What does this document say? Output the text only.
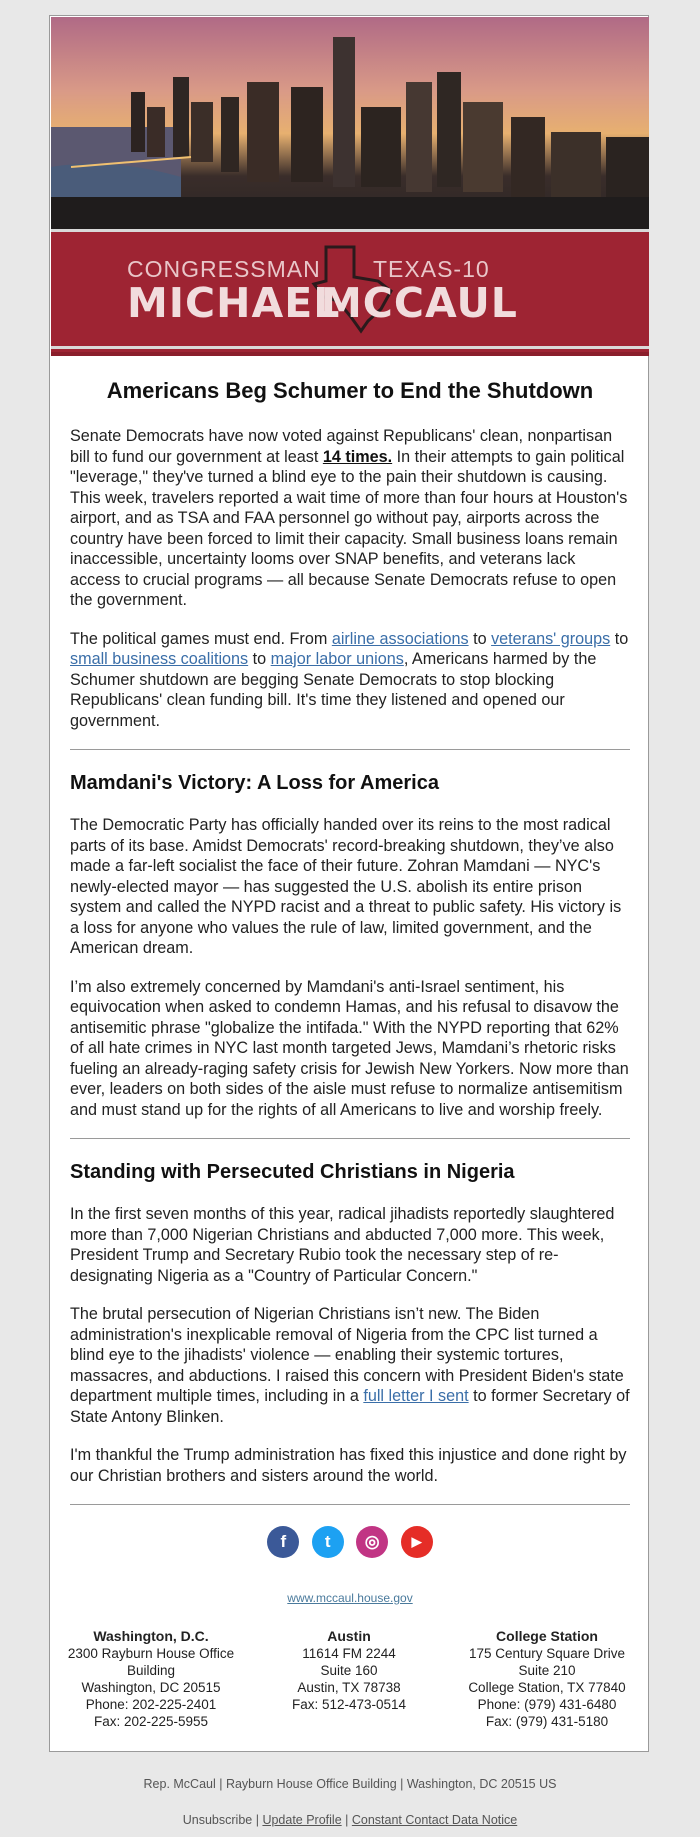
CONGRESSMAN TEXAS-10
MICHAEL
MCCAUL
Americans Beg Schumer to End the Shutdown

Senate Democrats have now voted against Republicans' clean, nonpartisan bill to fund our government at least 14 times. In their attempts to gain political "leverage," they've turned a blind eye to the pain their shutdown is causing. This week, travelers reported a wait time of more than four hours at Houston's airport, and as TSA and FAA personnel go without pay, airports across the country have been forced to limit their capacity. Small business loans remain inaccessible, uncertainty looms over SNAP benefits, and veterans lack access to crucial programs — all because Senate Democrats refuse to open the government.

The political games must end. From airline associations to veterans' groups to small business coalitions to major labor unions, Americans harmed by the Schumer shutdown are begging Senate Democrats to stop blocking Republicans' clean funding bill. It's time they listened and opened our government.

Mamdani's Victory: A Loss for America

The Democratic Party has officially handed over its reins to the most radical parts of its base. Amidst Democrats' record-breaking shutdown, they’ve also made a far-left socialist the face of their future. Zohran Mamdani — NYC's newly-elected mayor — has suggested the U.S. abolish its entire prison system and called the NYPD racist and a threat to public safety. His victory is a loss for anyone who values the rule of law, limited government, and the American dream.

I’m also extremely concerned by Mamdani's anti-Israel sentiment, his equivocation when asked to condemn Hamas, and his refusal to disavow the antisemitic phrase "globalize the intifada." With the NYPD reporting that 62% of all hate crimes in NYC last month targeted Jews, Mamdani’s rhetoric risks fueling an already-raging safety crisis for Jewish New Yorkers. Now more than ever, leaders on both sides of the aisle must refuse to normalize antisemitism and must stand up for the rights of all Americans to live and worship freely.

Standing with Persecuted Christians in Nigeria

In the first seven months of this year, radical jihadists reportedly slaughtered more than 7,000 Nigerian Christians and abducted 7,000 more. This week, President Trump and Secretary Rubio took the necessary step of re-designating Nigeria as a "Country of Particular Concern."

The brutal persecution of Nigerian Christians isn’t new. The Biden administration's inexplicable removal of Nigeria from the CPC list turned a blind eye to the jihadists' violence — enabling their systemic tortures, massacres, and abductions. I raised this concern with President Biden's state department multiple times, including in a full letter I sent to former Secretary of State Antony Blinken.

I'm thankful the Trump administration has fixed this injustice and done right by our Christian brothers and sisters around the world.

f t ◎ ▶
www.mccaul.house.gov
Washington, D.C.
2300 Rayburn House Office Building
Washington, DC 20515
Phone: 202-225-2401
Fax: 202-225-5955
Austin
11614 FM 2244
Suite 160
Austin, TX 78738
Fax: 512-473-0514
College Station
175 Century Square Drive
Suite 210
College Station, TX 77840
Phone: (979) 431-6480
Fax: (979) 431-5180
Rep. McCaul | Rayburn House Office Building | Washington, DC 20515 US
Unsubscribe | Update Profile | Constant Contact Data Notice
